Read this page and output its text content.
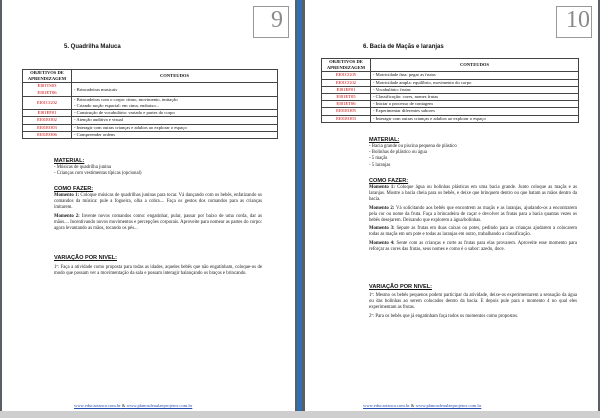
9
5. Quadrilha Maluca
OBJETIVOS DE APRENDIZAGEM	CONTEUDOS
EI01TS03
EI01ET06	- Brincadeiras musicais
EI01CG02	- Brincadeiras com o corpo: ritmo, movimento, imitação
- Criando noção espacial: em cima, embaixo...
EI01EF01	- Construção de vocabulário: variado e partes do corpo
EI01EO02	- Atenção auditiva e visual
EI01EO03	- Interagir com outras crianças e adultos ao explorar o espaço
EI01EO06	- Compreender ordens
MATERIAL:
- Músicas de quadrilha junina
- Crianças com vestimentas típicas (opcional)
COMO FAZER:

Momento 1: Coloque músicas de quadrilhas juninas para tocar. Vá dançando com os bebês, enfatizando os comandos da música: pule a fogueira, olha a cobra.... Faça os gestos dos comandos para as crianças imitarem.

Momento 2: Invente novos comandos como: engatinhar, pular, passar por baixo de uma corda, dar as mãos.... Incentivando novos movimentos e percepções corporais. Aproveite para nomear as partes do corpo: agora levantando as mãos, tocando os pés...

VARIAÇÃO POR NIVEL:

1º: Faça a atividade como proposta para todas as idades, aqueles bebês que não engatinham, coloque-os de modo que possam ver a movimentação da sala e possam interagir balançando os braços e brincando.

www.educarianca.com.br & www.planosdeaulaeprojetos.com.br
10
6. Bacia de Maçãs e laranjas
OBJETIVOS DE APRENDIZAGEM	CONTEUDOS
EI01CG05	- Motricidade fina: pegar as frutas
EI01CG02	- Motricidade ampla: equilíbrio, movimento do corpo
EI01EF01	- Vocabulário: frutas
EI01ET05	- Classificação: cores, nomes frutas
EI01ET06	- Iniciar o processo de contagem
EI01EO05	- Experimentar diferentes sabores
EI01EO03	- Interagir com outras crianças e adultos ao explorar o espaço
MATERIAL:
- Bacia grande ou piscina pequena de plástico
- Bolinhas de plástico ou água
- 5 maçãs
- 5 laranjas
COMO FAZER:

Momento 1: Coloque água ou bolinhas plásticas em uma bacia grande. Junto coloque as maçãs e as laranjas. Mostre a bacia cheia para os bebês, e deixe que brinquem dentro ou que batam as mãos dentro da bacia.

Momento 2: Vá solicitando aos bebês que encontrem as maçãs e as laranjas, ajudando-os a encontrarem pela cor ou nome da fruta. Faça a brincadeira de caçar e devolver as frutas para a bacia quantas vezes os bebês desejarem. Deixando que explorem a água/bolinhas.

Momento 3: Separe as frutas em duas caixas ou potes, pedindo para as crianças ajudarem a colocarem todas as maçãs em um pote e todas as laranjas em outro, trabalhando a classificação.

Momento 4: Sente com as crianças e corte as frutas para elas provarem. Aproveite esse momento para reforçar as cores das frutas, seus nomes e como é o sabor: azedo, doce.

VARIAÇÃO POR NIVEL:

1º: Mesmo os bebês pequenos podem participar da atividade, deixe-os experimentarem a sensação da água ou das bolinhas ao serem colocados dentro da bacia. E depois pule para o momento 4 no qual eles experimentam as frutas.

2º: Para os bebês que já engatinham faça todos os momentos como propostos.

www.educarianca.com.br & www.planosdeaulaeprojetos.com.br
